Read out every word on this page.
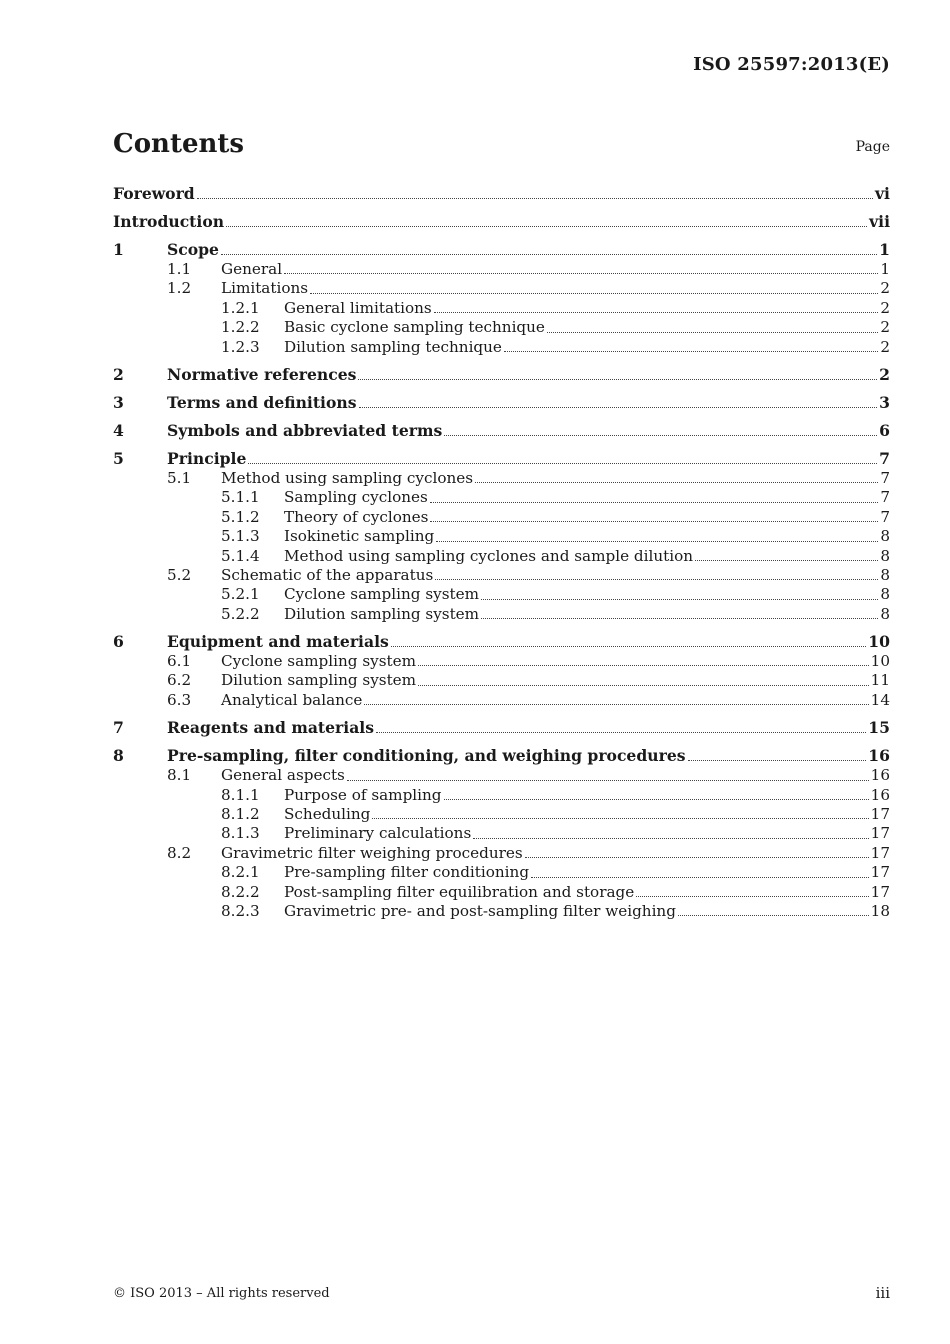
ISO 25597:2013(E)
Contents	Page
Foreword	vi
Introduction	vii
1	Scope	1
1.1	General	1
1.2	Limitations	2
1.2.1	General limitations	2
1.2.2	Basic cyclone sampling technique	2
1.2.3	Dilution sampling technique	2
2	Normative references	2
3	Terms and definitions	3
4	Symbols and abbreviated terms	6
5	Principle	7
5.1	Method using sampling cyclones	7
5.1.1	Sampling cyclones	7
5.1.2	Theory of cyclones	7
5.1.3	Isokinetic sampling	8
5.1.4	Method using sampling cyclones and sample dilution	8
5.2	Schematic of the apparatus	8
5.2.1	Cyclone sampling system	8
5.2.2	Dilution sampling system	8
6	Equipment and materials	10
6.1	Cyclone sampling system	10
6.2	Dilution sampling system	11
6.3	Analytical balance	14
7	Reagents and materials	15
8	Pre-sampling, filter conditioning, and weighing procedures	16
8.1	General aspects	16
8.1.1	Purpose of sampling	16
8.1.2	Scheduling	17
8.1.3	Preliminary calculations	17
8.2	Gravimetric filter weighing procedures	17
8.2.1	Pre-sampling filter conditioning	17
8.2.2	Post-sampling filter equilibration and storage	17
8.2.3	Gravimetric pre- and post-sampling filter weighing	18
© ISO 2013 – All rights reserved	iii
